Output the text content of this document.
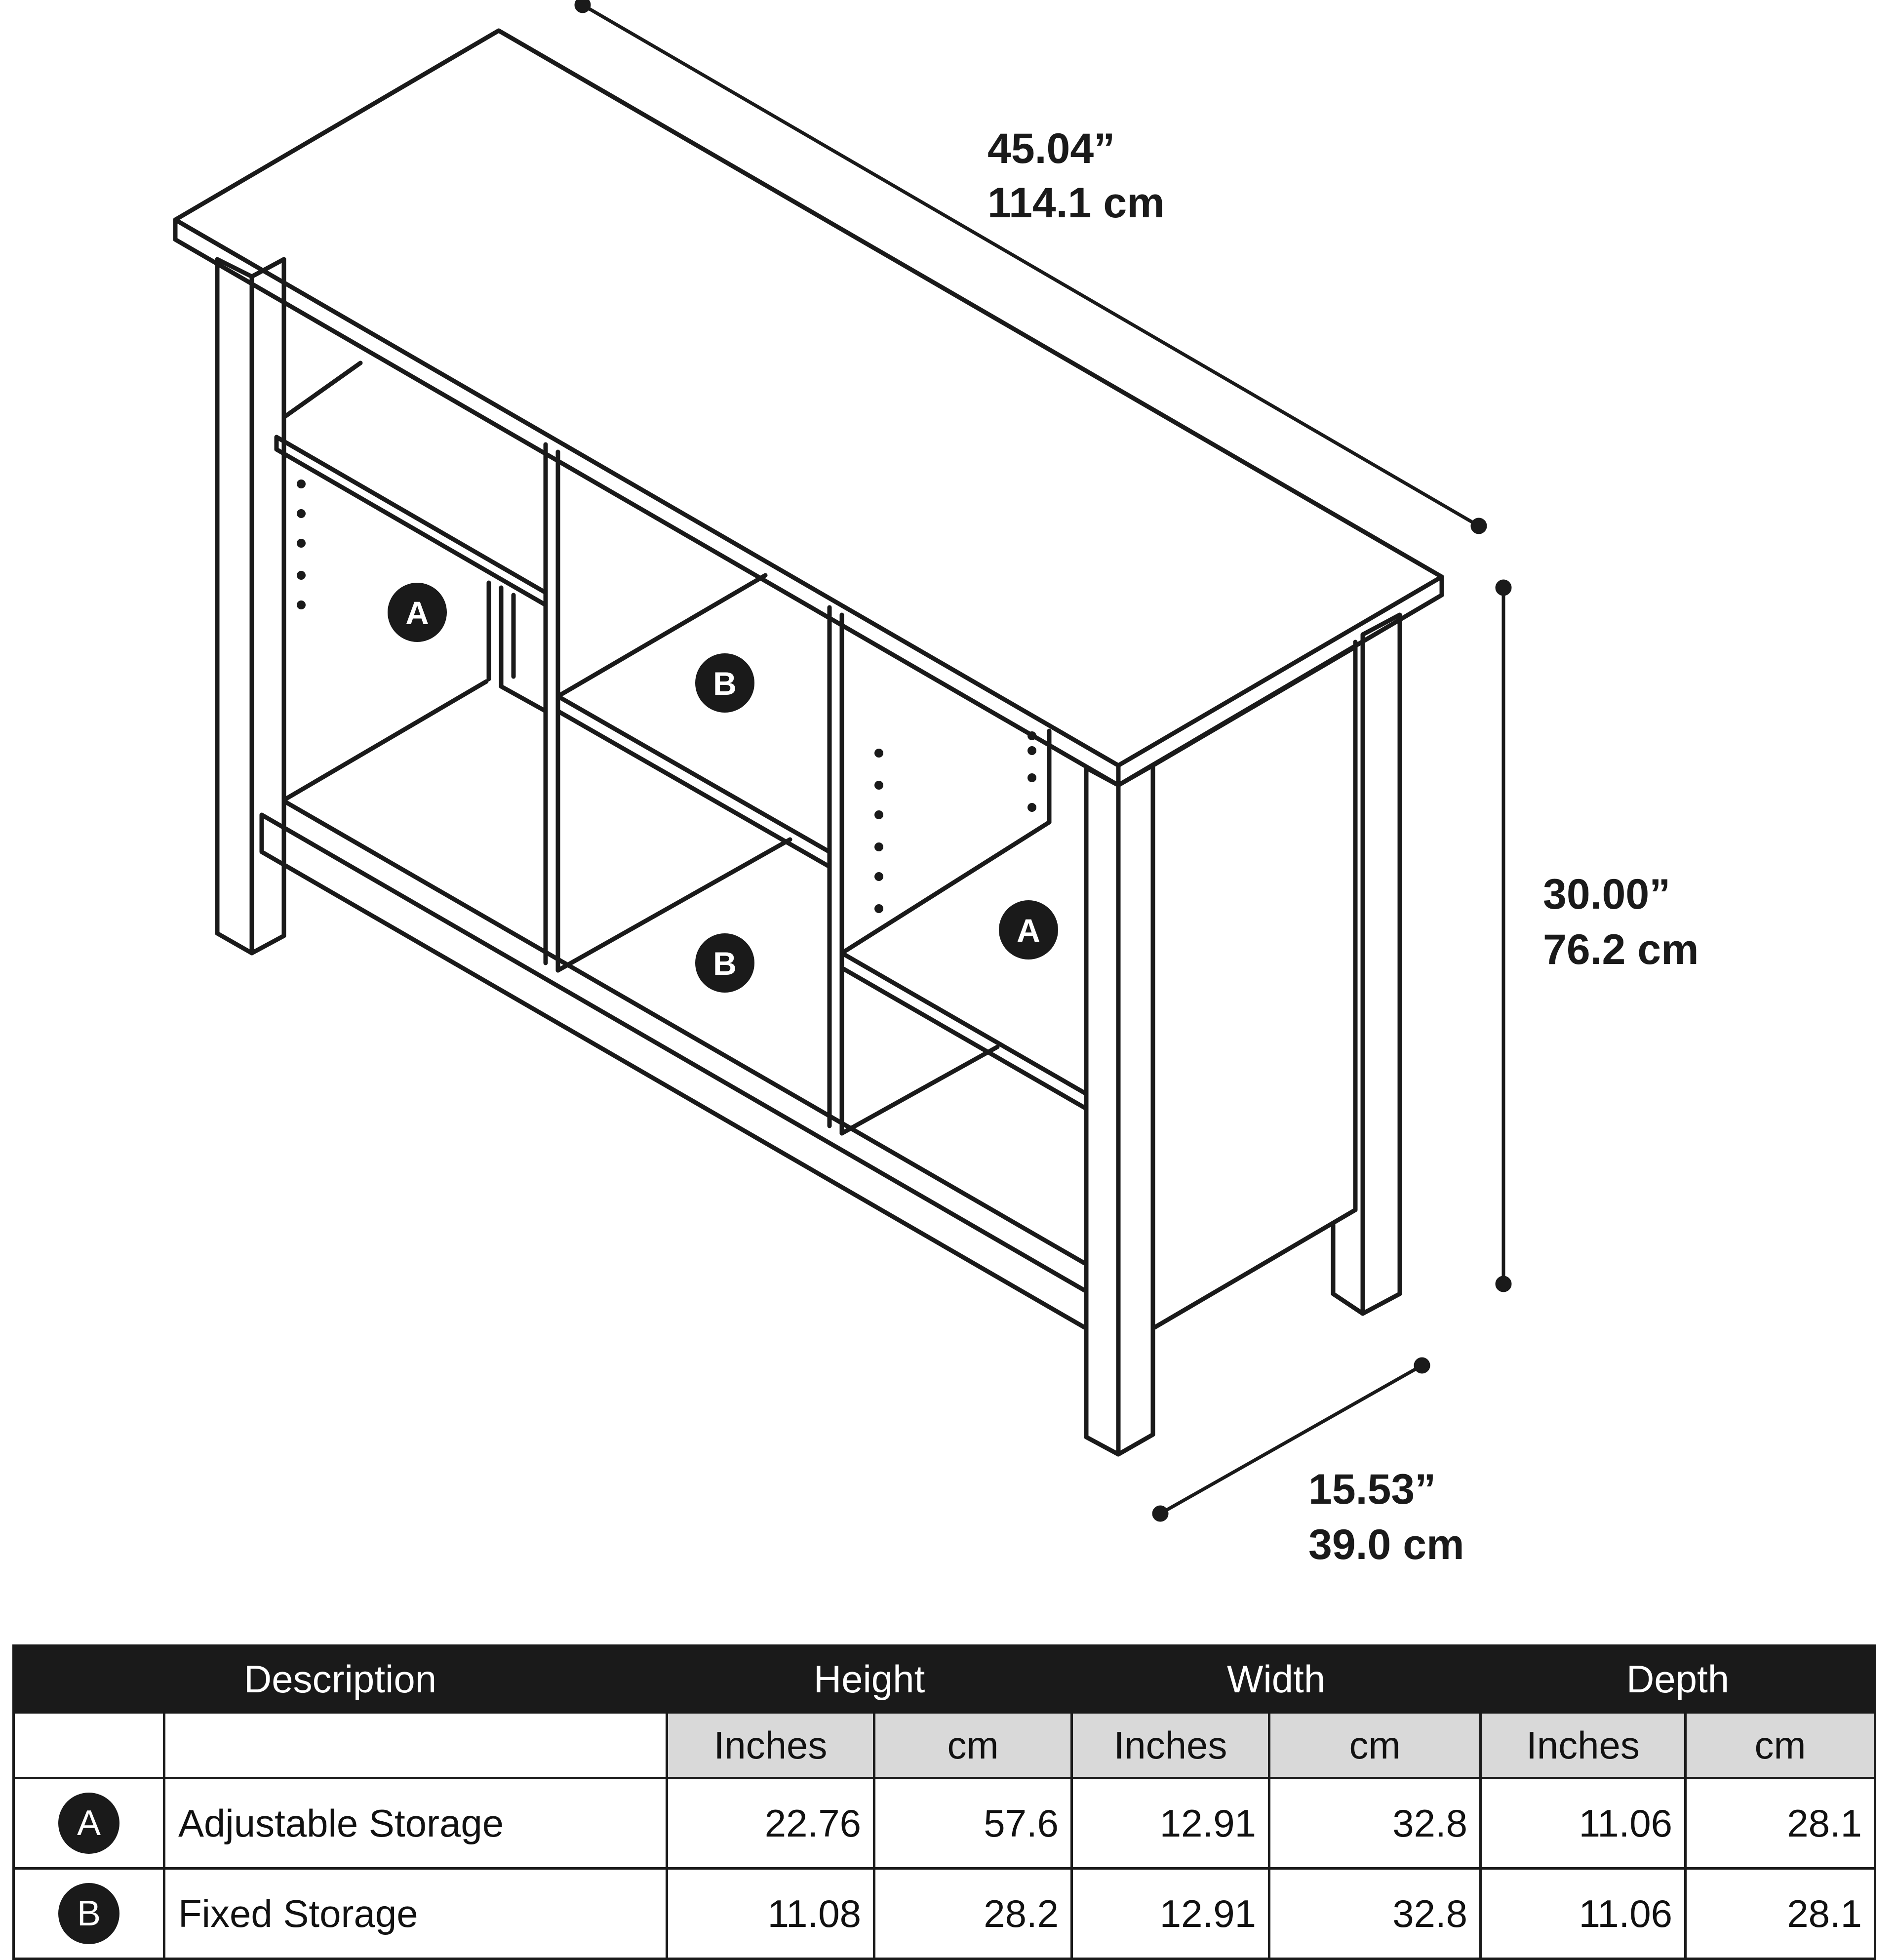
45.04”
114.1 cm
30.00”
76.2 cm
15.53”
39.0 cm
A
B
A
B
Description		Height		Width		Depth	
		Inches	cm	Inches	cm	Inches	cm
A	Adjustable Storage	22.76	57.6	12.91	32.8	11.06	28.1
B	Fixed Storage	11.08	28.2	12.91	32.8	11.06	28.1
